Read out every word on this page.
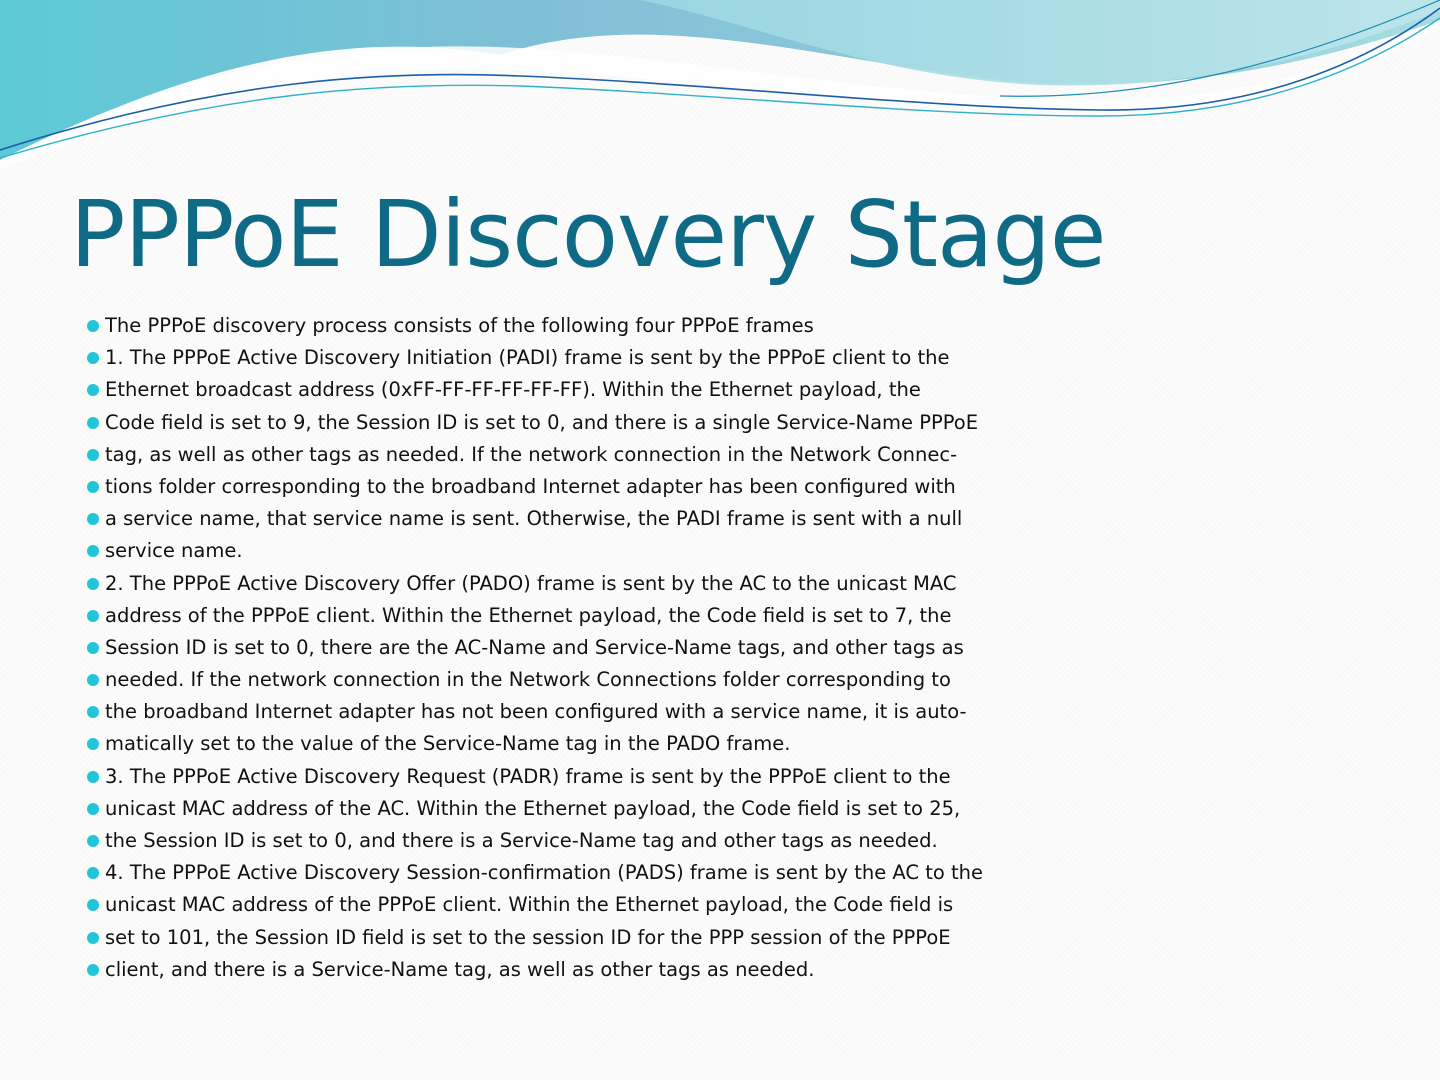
PPPoE Discovery Stage
The PPPoE discovery process consists of the following four PPPoE frames
1. The PPPoE Active Discovery Initiation (PADI) frame is sent by the PPPoE client to the
Ethernet broadcast address (0xFF-FF-FF-FF-FF-FF). Within the Ethernet payload, the
Code field is set to 9, the Session ID is set to 0, and there is a single Service-Name PPPoE
tag, as well as other tags as needed. If the network connection in the Network Connec-
tions folder corresponding to the broadband Internet adapter has been configured with
a service name, that service name is sent. Otherwise, the PADI frame is sent with a null
service name.
2. The PPPoE Active Discovery Offer (PADO) frame is sent by the AC to the unicast MAC
address of the PPPoE client. Within the Ethernet payload, the Code field is set to 7, the
Session ID is set to 0, there are the AC-Name and Service-Name tags, and other tags as
needed. If the network connection in the Network Connections folder corresponding to
the broadband Internet adapter has not been configured with a service name, it is auto-
matically set to the value of the Service-Name tag in the PADO frame.
3. The PPPoE Active Discovery Request (PADR) frame is sent by the PPPoE client to the
unicast MAC address of the AC. Within the Ethernet payload, the Code field is set to 25,
the Session ID is set to 0, and there is a Service-Name tag and other tags as needed.
4. The PPPoE Active Discovery Session-confirmation (PADS) frame is sent by the AC to the
unicast MAC address of the PPPoE client. Within the Ethernet payload, the Code field is
set to 101, the Session ID field is set to the session ID for the PPP session of the PPPoE
client, and there is a Service-Name tag, as well as other tags as needed.
